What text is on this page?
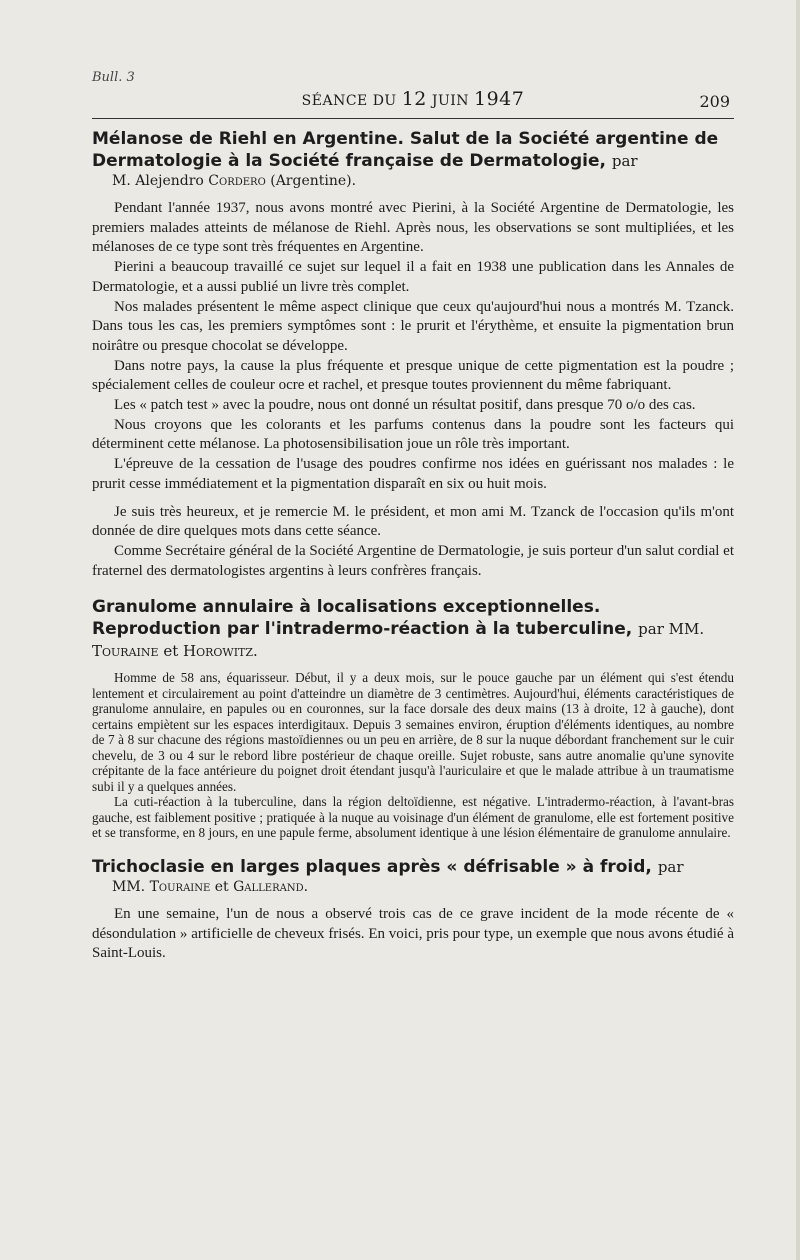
Bull. 3
SÉANCE DU 12 JUIN 1947	209
Mélanose de Riehl en Argentine. Salut de la Société argentine de Dermatologie à la Société française de Dermatologie, par
M. Alejendro Cordero (Argentine).

Pendant l'année 1937, nous avons montré avec Pierini, à la Société Argentine de Dermatologie, les premiers malades atteints de mélanose de Riehl. Après nous, les observations se sont multipliées, et les mélanoses de ce type sont très fréquentes en Argentine.

Pierini a beaucoup travaillé ce sujet sur lequel il a fait en 1938 une publication dans les Annales de Dermatologie, et a aussi publié un livre très complet.

Nos malades présentent le même aspect clinique que ceux qu'aujourd'hui nous a montrés M. Tzanck. Dans tous les cas, les premiers symptômes sont : le prurit et l'érythème, et ensuite la pigmentation brun noirâtre ou presque chocolat se développe.

Dans notre pays, la cause la plus fréquente et presque unique de cette pigmentation est la poudre ; spécialement celles de couleur ocre et rachel, et presque toutes proviennent du même fabriquant.

Les « patch test » avec la poudre, nous ont donné un résultat positif, dans presque 70 o/o des cas.

Nous croyons que les colorants et les parfums contenus dans la poudre sont les facteurs qui déterminent cette mélanose. La photosensibilisation joue un rôle très important.

L'épreuve de la cessation de l'usage des poudres confirme nos idées en guérissant nos malades : le prurit cesse immédiatement et la pigmentation disparaît en six ou huit mois.

Je suis très heureux, et je remercie M. le président, et mon ami M. Tzanck de l'occasion qu'ils m'ont donnée de dire quelques mots dans cette séance.

Comme Secrétaire général de la Société Argentine de Dermatologie, je suis porteur d'un salut cordial et fraternel des dermatologistes argentins à leurs confrères français.

Granulome annulaire à localisations exceptionnelles. Reproduction par l'intradermo-réaction à la tuberculine, par MM. Touraine et Horowitz.

Homme de 58 ans, équarisseur. Début, il y a deux mois, sur le pouce gauche par un élément qui s'est étendu lentement et circulairement au point d'atteindre un diamètre de 3 centimètres. Aujourd'hui, éléments caractéristiques de granulome annulaire, en papules ou en couronnes, sur la face dorsale des deux mains (13 à droite, 12 à gauche), dont certains empiètent sur les espaces interdigitaux. Depuis 3 semaines environ, éruption d'éléments identiques, au nombre de 7 à 8 sur chacune des régions mastoïdiennes ou un peu en arrière, de 8 sur la nuque débordant franchement sur le cuir chevelu, de 3 ou 4 sur le rebord libre postérieur de chaque oreille. Sujet robuste, sans autre anomalie qu'une synovite crépitante de la face antérieure du poignet droit étendant jusqu'à l'auriculaire et que le malade attribue à un traumatisme subi il y a quelques années.

La cuti-réaction à la tuberculine, dans la région deltoïdienne, est négative. L'intradermo-réaction, à l'avant-bras gauche, est faiblement positive ; pratiquée à la nuque au voisinage d'un élément de granulome, elle est fortement positive et se transforme, en 8 jours, en une papule ferme, absolument identique à une lésion élémentaire de granulome annulaire.

Trichoclasie en larges plaques après « défrisable » à froid, par
MM. Touraine et Gallerand.

En une semaine, l'un de nous a observé trois cas de ce grave incident de la mode récente de « désondulation » artificielle de cheveux frisés. En voici, pris pour type, un exemple que nous avons étudié à Saint-Louis.
